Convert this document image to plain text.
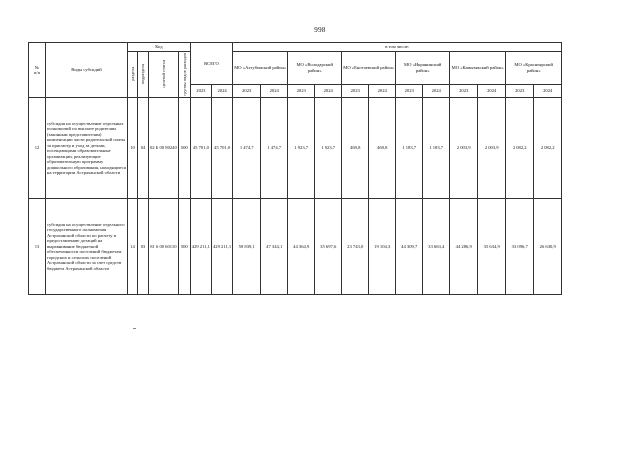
998
№
п/п	Виды субсидий	Код				ВСЕГО		в том числе:											
		раздела	подраздела	целевой статьи	группы видов расходов			МО «Ахтубинский район»		МО «Володарский район»		МО «Енотаевский район»		МО «Икрянинский район»		МО «Камызякский район»		МО «Красноярский район»	
						2023	2024	2023	2024	2023	2024	2023	2024	2023	2024	2023	2024	2023	2024
12	субсидия на осуществление отдельных полномочий по выплате родителям (законным представителям) компенсации части родительской платы за присмотр и уход за детьми, посещающими образовательные организации, реализующие образовательную программу дошкольного образования, находящиеся на территории Астраханской области	10	04	02 Б 00 80240	500	45 701,0	45 701,0	1 474,7	1 474,7	1 923,7	1 923,7	469,8	469,8	1 183,7	1 183,7	2 003,9	2 003,9	2 082,2	2 082,2
13	субсидия на осуществление отдельного государственного полномочия Астраханской области по расчету и предоставлению дотаций на выравнивание бюджетной обеспеченности поселений бюджетам городских и сельских поселений Астраханской области за счет средств бюджета Астраханской области	14	03	81 6 00 60110	500	429 211,1	429 211,1	58 839,1	47 344,1	44 364,9	35 697,6	23 743,0	19 104,3	44 309,7	33 663,4	44 286,9	35 634,9	33 096,7	26 630,9
